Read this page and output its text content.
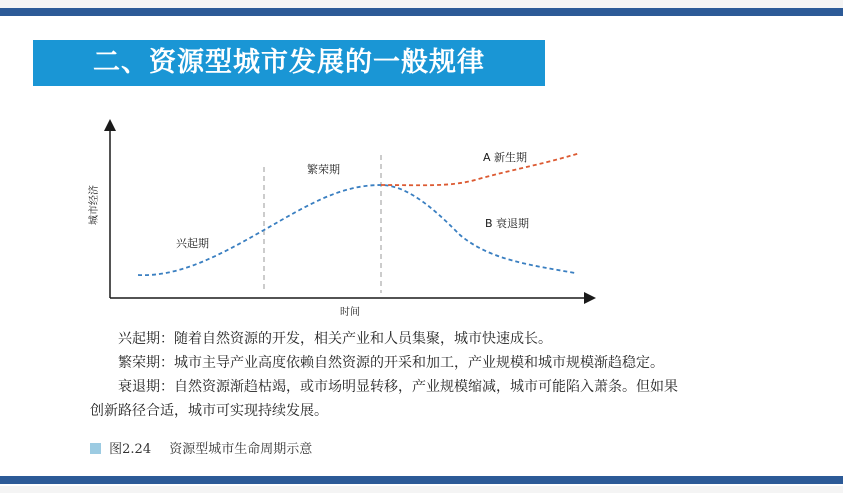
二、资源型城市发展的一般规律
城市经济
时间
兴起期
繁荣期
A 新生期
B 衰退期

兴起期：随着自然资源的开发，相关产业和人员集聚，城市快速成长。

繁荣期：城市主导产业高度依赖自然资源的开采和加工，产业规模和城市规模渐趋稳定。

衰退期：自然资源渐趋枯竭，或市场明显转移，产业规模缩减，城市可能陷入萧条。但如果

创新路径合适，城市可实现持续发展。

图2.24 资源型城市生命周期示意
